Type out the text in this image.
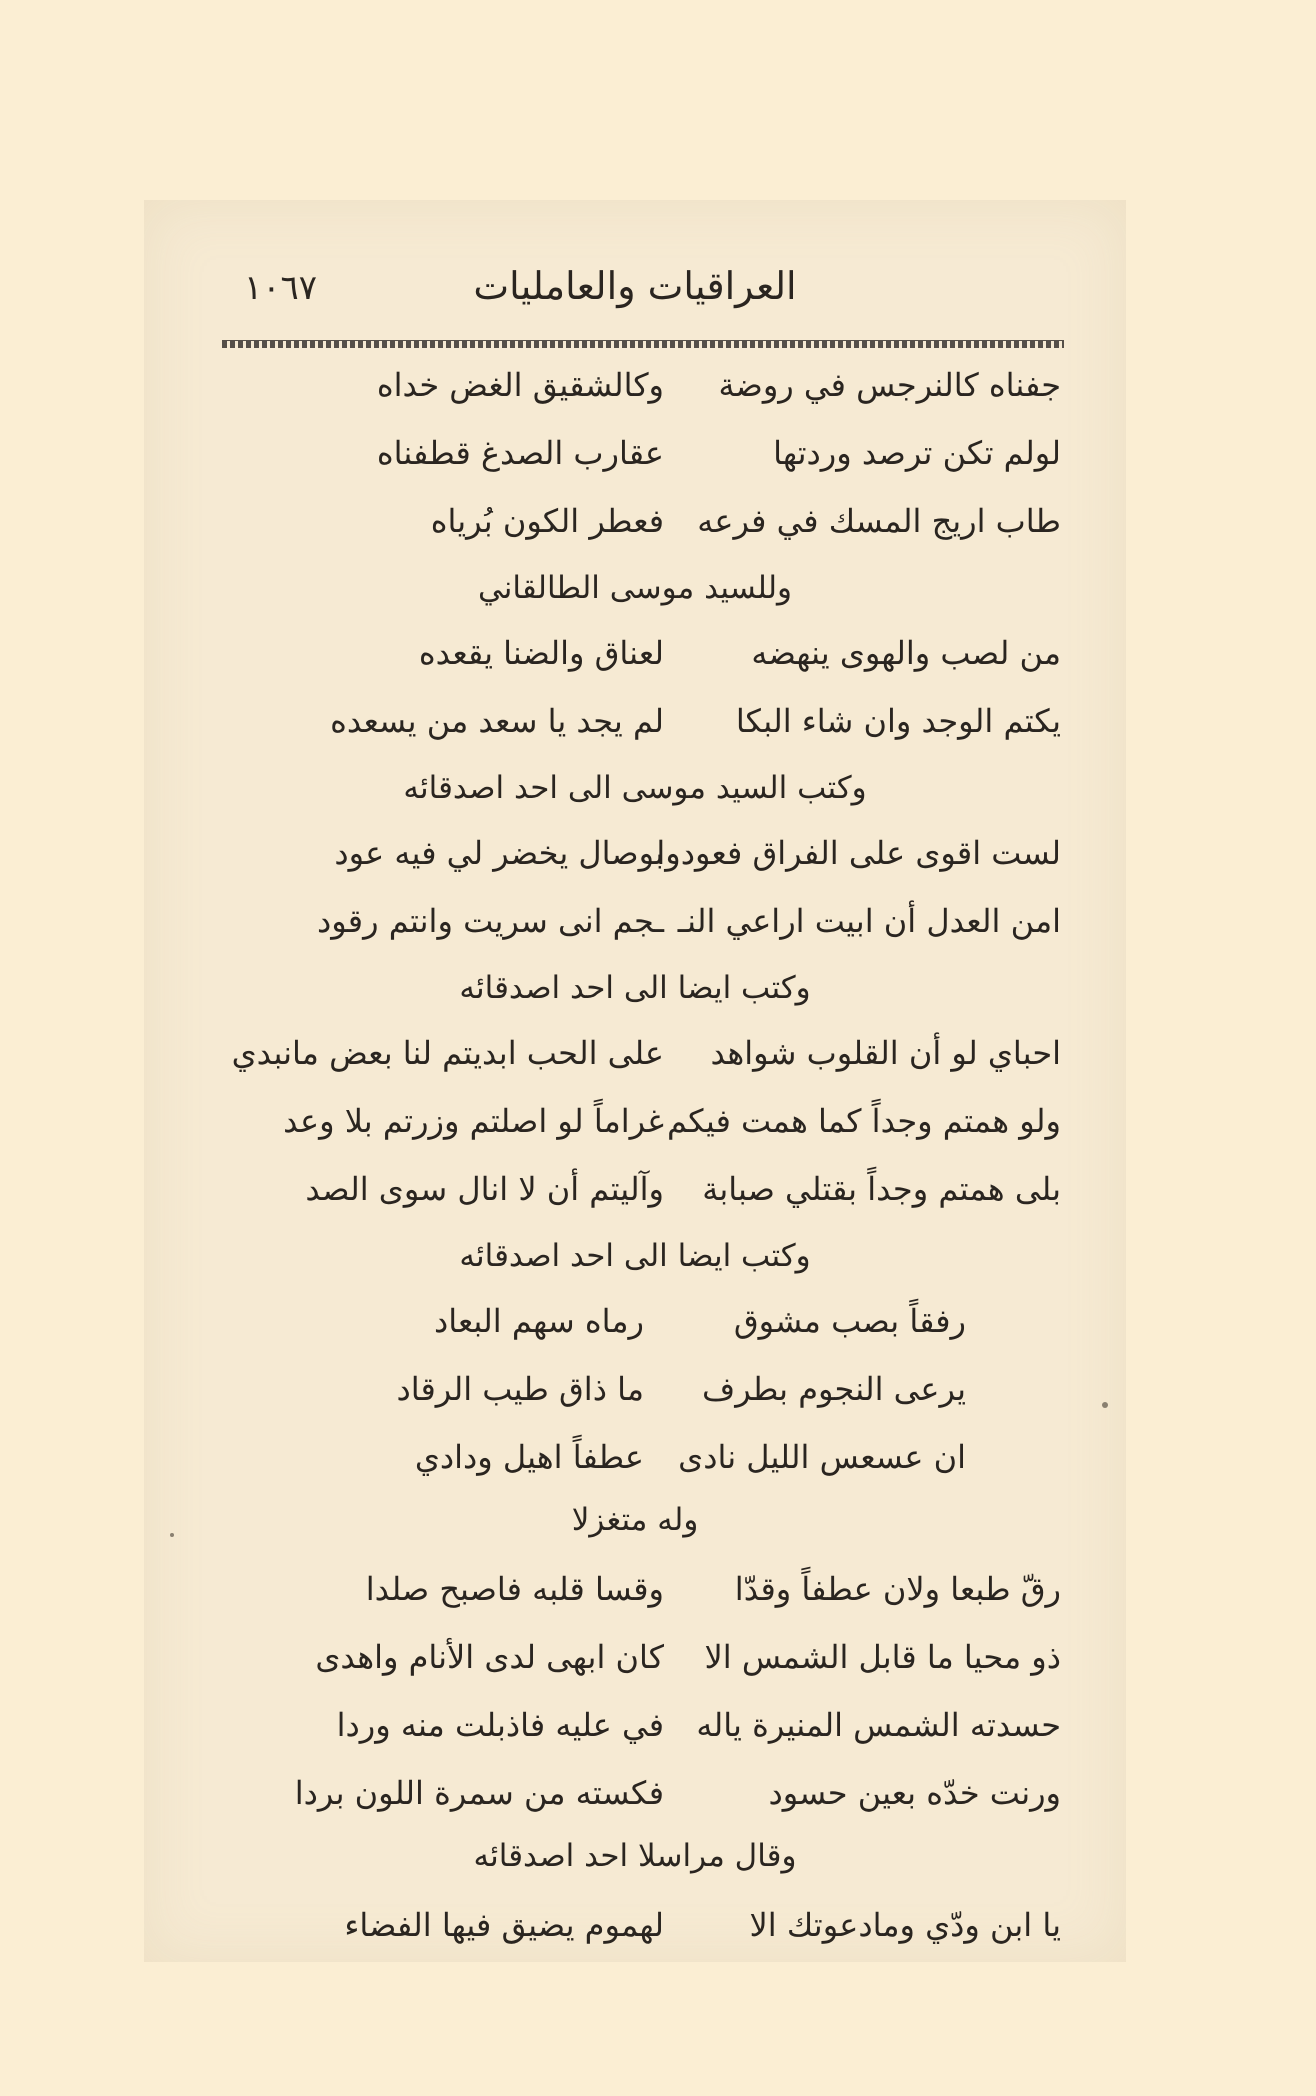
العراقيات والعامليات
١٠٦٧
جفناه كالنرجس في روضة
وكالشقيق الغض خداه
لولم تكن ترصد وردتها
عقارب الصدغ قطفناه
طاب اريج المسك في فرعه
فعطر الكون بُرياه
وللسيد موسى الطالقاني
من لصب والهوى ينهضه
لعناق والضنا يقعده
يكتم الوجد وان شاء البكا
لم يجد يا سعد من يسعده
وكتب السيد موسى الى احد اصدقائه
لست اقوى على الفراق فعودوا
بوصال يخضر لي فيه عود
امن العدل أن ابيت اراعي النـ
ـجم انى سريت وانتم رقود
وكتب ايضا الى احد اصدقائه
احباي لو أن القلوب شواهد
على الحب ابديتم لنا بعض مانبدي
ولو همتم وجداً كما همت فيكم
غراماً لو اصلتم وزرتم بلا وعد
بلى همتم وجداً بقتلي صبابة
وآليتم أن لا انال سوى الصد
وكتب ايضا الى احد اصدقائه
رفقاً بصب مشوق
رماه سهم البعاد
يرعى النجوم بطرف
ما ذاق طيب الرقاد
ان عسعس الليل نادى
عطفاً اهيل ودادي
وله متغزلا
رقّ طبعا ولان عطفاً وقدّا
وقسا قلبه فاصبح صلدا
ذو محيا ما قابل الشمس الا
كان ابهى لدى الأنام واهدى
حسدته الشمس المنيرة ياله
في عليه فاذبلت منه وردا
ورنت خدّه بعين حسود
فكسته من سمرة اللون بردا
وقال مراسلا احد اصدقائه
يا ابن ودّي ومادعوتك الا
لهموم يضيق فيها الفضاء
